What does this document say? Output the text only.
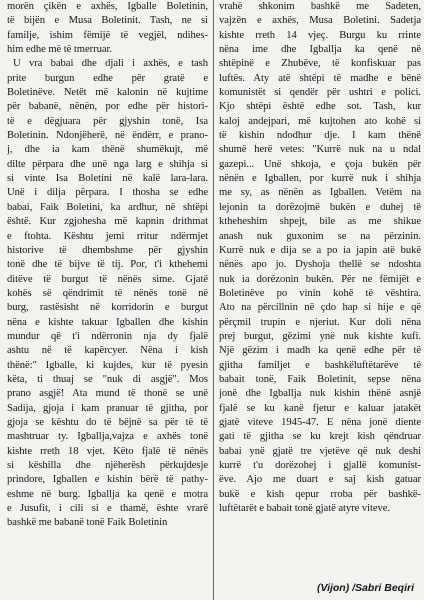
morën çikën e axhës, Igballe Boletinin,
të bijën e Musa Boletinit. Tash, ne si
familje, ishim fëmijë të vegjël, ndihes-
him edhe më të tmerruar.
U vra babai dhe djali i axhës, e tash
prite burgun edhe për gratë e
Boletinëve. Netët më kalonin në kujtime
për babanë, nënën, por edhe për histori-
të e dëgjuara për gjyshin tonë, Isa
Boletinin. Ndonjëherë, në ëndërr, e prano-
j, dhe ia kam thënë shumëkujt, më
dilte përpara dhe unë nga larg e shihja si
si vinte Isa Boletini në kalë lara-lara.
Unë i dilja përpara. I thosha se edhe
babai, Faik Boletini, ka ardhur, në shtëpi
është. Kur zgjohesha më kapnin drithmat
e ftohta. Kështu jemi rritur ndërmjet
historive të dhembshme për gjyshin
tonë dhe të bijve të tij. Por, t'i kthehemi
ditëve të burgut të nënës sime. Gjatë
kohës së qëndrimit të nënës tonë në
burg, rastësisht në korridorin e burgut
nëna e kishte takuar Igballen dhe kishin
mundur që t'i ndërronin nja dy fjalë
ashtu në të kapërcyer. Nëna i kish
thënë:" Igballe, ki kujdes, kur të pyesin
këta, ti thuaj se "nuk di asgjë". Mos
prano asgjë! Ata mund të thonë se unë
Sadija, gjoja i kam pranuar të gjitha, por
gjoja se kështu do të bëjnë sa për të të
mashtruar ty. Igballja,vajza e axhës tonë
kishte rreth 18 vjet. Këto fjalë të nënës
si këshilla dhe njëherësh përkujdesje
prindore, Igballen e kishin bërë të pathy-
eshme në burg. Igballja ka qenë e motra
e Jusufit, i cili si e thamë, ështe vrarë
bashkë me babanë tonë Faik Boletinin
vrahë shkonim bashkë me Sadeten,
vajzën e axhës, Musa Boletini. Sadetja
kishte rreth 14 vjeç. Burgu ku rrinte
nëna ime dhe Igballja ka qenë në
shtëpinë e Zhubëve, të konfiskuar pas
luftës. Aty atë shtëpi të madhe e bënë
komunistët si qendër për ushtri e polici.
Kjo shtëpi është edhe sot. Tash, kur
kaloj andejpari, më kujtohen ato kohë si
të kishin ndodhur dje. I kam thënë
shumë herë vetes: "Kurrë nuk na u ndal
gazepi... Unë shkoja, e çoja bukën për
nënën e Igballen, por kurrë nuk i shihja
me sy, as nënën as Igballen. Vetëm na
lejonin ta dorëzojmë bukën e duhej të
ktheheshim shpejt, bile as me shikue
anash nuk guxonim se na përzinin.
Kurrë nuk e dija se a po ia japin atë bukë
nënës apo jo. Dyshoja thellë se ndoshta
nuk ia dorëzonin bukën. Për ne fëmijët e
Boletinëve po vinin kohë të vështira.
Ato na përcillnin në çdo hap si hije e që
përçmil trupin e njeriut. Kur doli nëna
prej burgut, gëzimi ynë nuk kishte kufi.
Një gëzim i madh ka qenë edhe për të
gjitha familjet e bashkëluftëtarëve të
babait tonë, Faik Boletinit, sepse nëna
jonë dhe Igballja nuk kishin thënë asnjë
fjalë se ku kanë fjetur e kaluar jatakët
gjatë viteve 1945-47. E nëna jonë diente
gati të gjitha se ku krejt kish qëndruar
babai ynë gjatë tre vjetëve që nuk deshi
kurrë t'u dorëzohej i gjallë komunist-
ëve. Ajo me duart e saj kish gatuar
bukë e kish qepur rroba për bashkë-
luftëtarët e babait tonë gjatë atyre viteve.
(Vijon) /Sabri Beqiri
